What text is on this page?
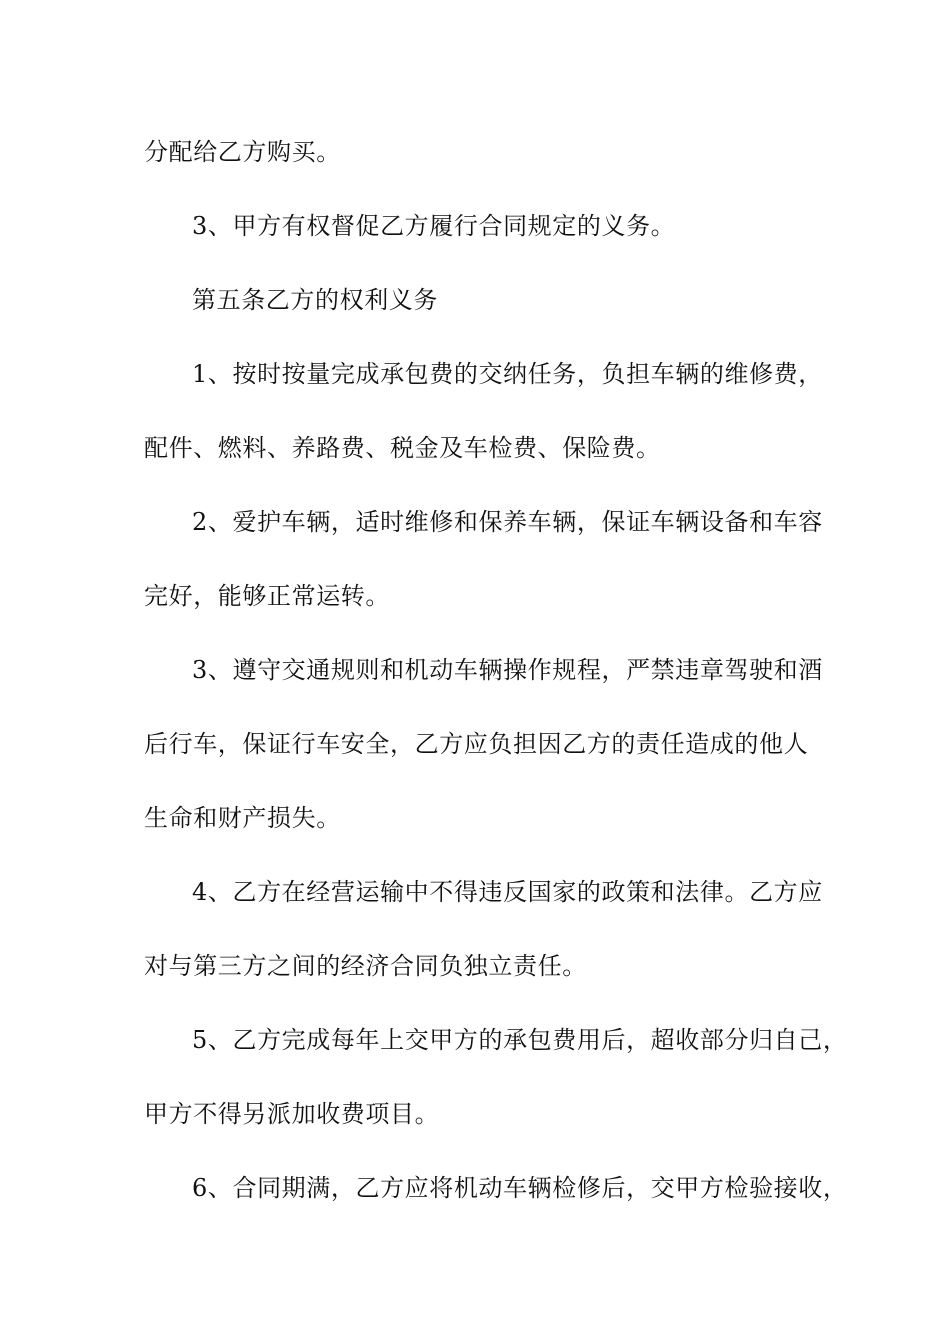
分配给乙方购买。
3、甲方有权督促乙方履行合同规定的义务。
第五条乙方的权利义务
1、按时按量完成承包费的交纳任务，负担车辆的维修费，
配件、燃料、养路费、税金及车检费、保险费。
2、爱护车辆，适时维修和保养车辆，保证车辆设备和车容
完好，能够正常运转。
3、遵守交通规则和机动车辆操作规程，严禁违章驾驶和酒
后行车，保证行车安全，乙方应负担因乙方的责任造成的他人
生命和财产损失。
4、乙方在经营运输中不得违反国家的政策和法律。乙方应
对与第三方之间的经济合同负独立责任。
5、乙方完成每年上交甲方的承包费用后，超收部分归自己，
甲方不得另派加收费项目。
6、合同期满，乙方应将机动车辆检修后，交甲方检验接收，
